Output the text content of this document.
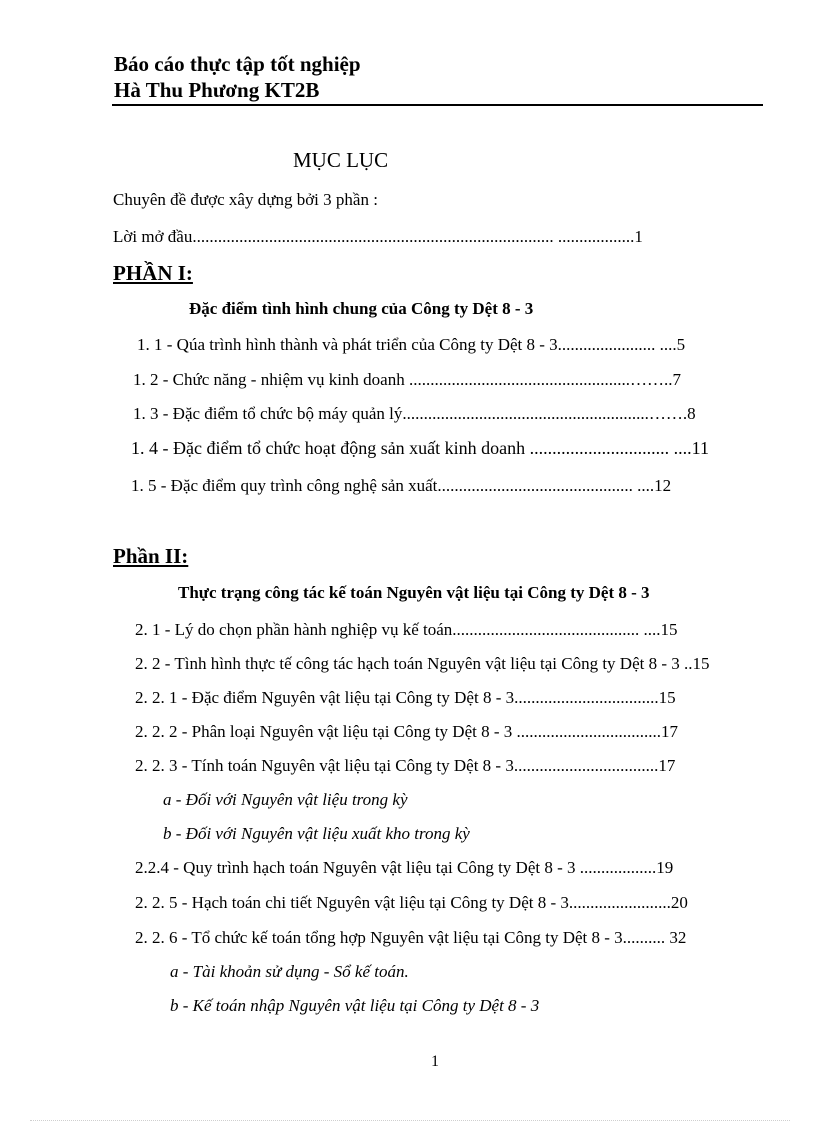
Báo cáo thực tập tốt nghiệp
Hà Thu Phương KT2B
MỤC LỤC
Chuyên đề được xây dựng bởi 3 phần :
Lời mở đầu..................................................................................... ..................1
PHẦN I:
Đặc điểm tình hình chung của Công ty Dệt 8 - 3
1. 1 - Qúa trình hình thành và phát triển của Công ty Dệt 8 - 3....................... ....5
1. 2 - Chức năng - nhiệm vụ kinh doanh ....................................................……..7
1. 3 - Đặc điểm tổ chức bộ máy quản lý..........................................................…….8
1. 4 - Đặc điểm tổ chức hoạt động sản xuất kinh doanh ............................... ....11
1. 5 - Đặc điểm quy trình công nghệ sản xuất.............................................. ....12
Phần II:
Thực trạng công tác kế toán Nguyên vật liệu tại Công ty Dệt 8 - 3
2. 1 - Lý do chọn phần hành nghiệp vụ kế toán............................................ ....15
2. 2 - Tình hình thực tế công tác hạch toán Nguyên vật liệu tại Công ty Dệt 8 - 3 ..15
2. 2. 1 - Đặc điểm Nguyên vật liệu tại Công ty Dệt 8 - 3..................................15
2. 2. 2 - Phân loại Nguyên vật liệu tại Công ty Dệt 8 - 3 ..................................17
2. 2. 3 - Tính toán Nguyên vật liệu tại Công ty Dệt 8 - 3..................................17
a - Đối với Nguyên vật liệu trong kỳ
b - Đối với Nguyên vật liệu xuất kho trong kỳ
2.2.4 - Quy trình hạch toán Nguyên vật liệu tại Công ty Dệt 8 - 3 ..................19
2. 2. 5 - Hạch toán chi tiết Nguyên vật liệu tại Công ty Dệt 8 - 3........................20
2. 2. 6 - Tổ chức kế toán tổng hợp Nguyên vật liệu tại Công ty Dệt 8 - 3.......... 32
a - Tài khoản sử dụng - Sổ kế toán.
b - Kế toán nhập Nguyên vật liệu tại Công ty Dệt 8 - 3
1
